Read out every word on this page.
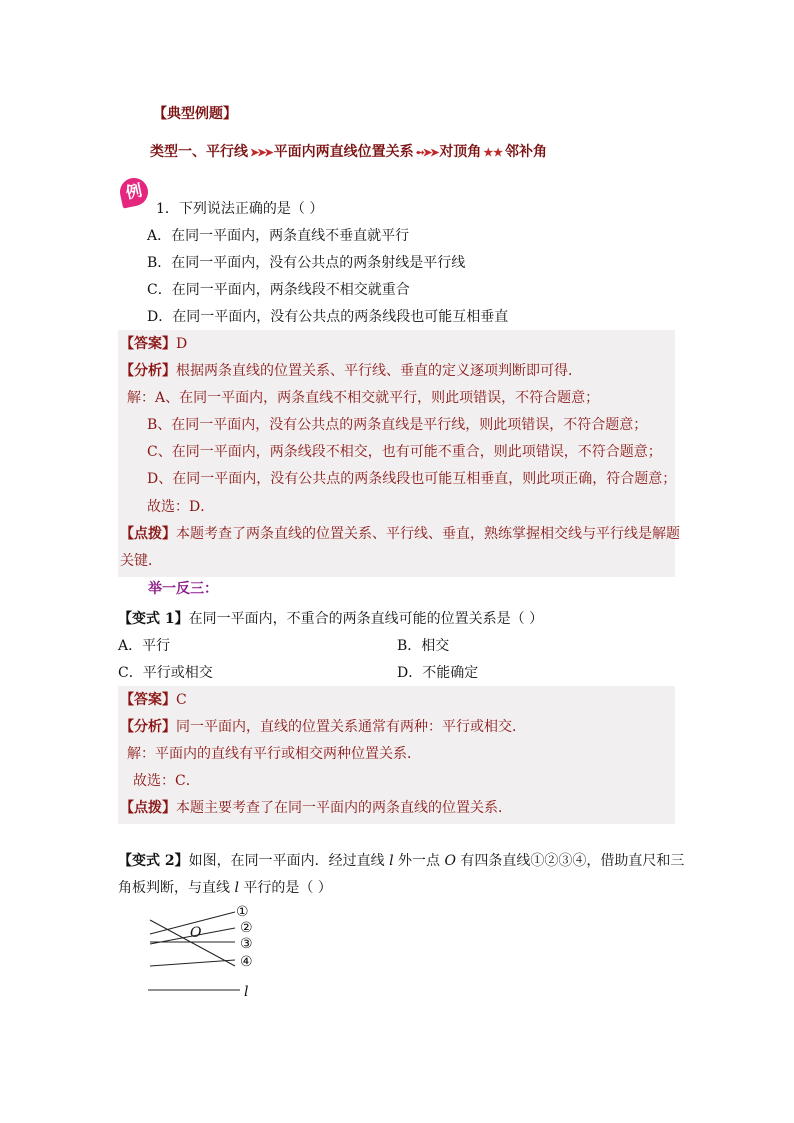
【典型例题】
类型一、平行线 ➤➤➤ 平面内两直线位置关系 ➻➤➤ 对顶角 ★★ 邻补角
例
1．下列说法正确的是（ ）
A．在同一平面内，两条直线不垂直就平行
B．在同一平面内，没有公共点的两条射线是平行线
C．在同一平面内，两条线段不相交就重合
D．在同一平面内，没有公共点的两条线段也可能互相垂直
【答案】D
【分析】根据两条直线的位置关系、平行线、垂直的定义逐项判断即可得．
解：A、在同一平面内，两条直线不相交就平行，则此项错误，不符合题意；
B、在同一平面内，没有公共点的两条直线是平行线，则此项错误，不符合题意；
C、在同一平面内，两条线段不相交，也有可能不重合，则此项错误，不符合题意；
D、在同一平面内，没有公共点的两条线段也可能互相垂直，则此项正确，符合题意；
故选：D．
【点拨】本题考查了两条直线的位置关系、平行线、垂直，熟练掌握相交线与平行线是解题
关键．
举一反三：
【变式 1】在同一平面内，不重合的两条直线可能的位置关系是（ ）
A．平行	B．相交
C．平行或相交	D．不能确定
【答案】C
【分析】同一平面内，直线的位置关系通常有两种：平行或相交．
解：平面内的直线有平行或相交两种位置关系．
故选：C．
【点拨】本题主要考查了在同一平面内的两条直线的位置关系．
【变式 2】如图，在同一平面内．经过直线 l 外一点 O 有四条直线①②③④，借助直尺和三
角板判断，与直线 l 平行的是（ ）
O
①
②
③
④
l
